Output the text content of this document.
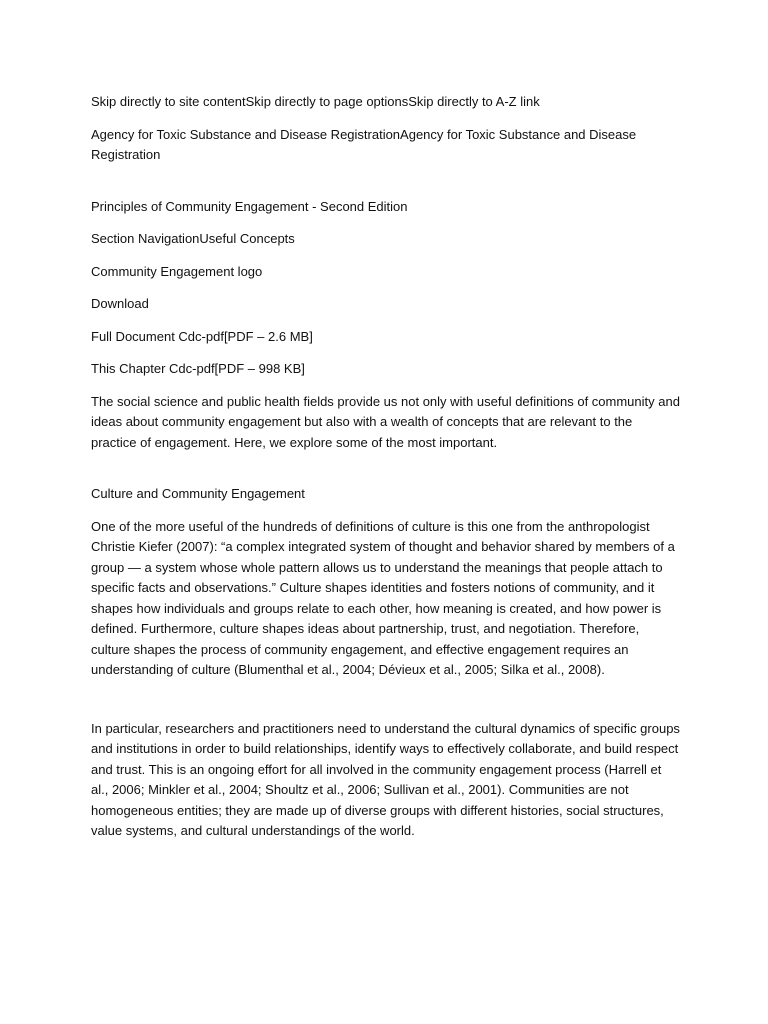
Skip directly to site contentSkip directly to page optionsSkip directly to A-Z link

Agency for Toxic Substance and Disease RegistrationAgency for Toxic Substance and Disease Registration

Principles of Community Engagement - Second Edition

Section NavigationUseful Concepts

Community Engagement logo

Download

Full Document Cdc-pdf[PDF – 2.6 MB]

This Chapter Cdc-pdf[PDF – 998 KB]

The social science and public health fields provide us not only with useful definitions of community and ideas about community engagement but also with a wealth of concepts that are relevant to the practice of engagement. Here, we explore some of the most important.

Culture and Community Engagement

One of the more useful of the hundreds of definitions of culture is this one from the anthropologist Christie Kiefer (2007): “a complex integrated system of thought and behavior shared by members of a group — a system whose whole pattern allows us to understand the meanings that people attach to specific facts and observations.” Culture shapes identities and fosters notions of community, and it shapes how individuals and groups relate to each other, how meaning is created, and how power is defined. Furthermore, culture shapes ideas about partnership, trust, and negotiation. Therefore, culture shapes the process of community engagement, and effective engagement requires an understanding of culture (Blumenthal et al., 2004; Dévieux et al., 2005; Silka et al., 2008).

In particular, researchers and practitioners need to understand the cultural dynamics of specific groups and institutions in order to build relationships, identify ways to effectively collaborate, and build respect and trust. This is an ongoing effort for all involved in the community engagement process (Harrell et al., 2006; Minkler et al., 2004; Shoultz et al., 2006; Sullivan et al., 2001). Communities are not homogeneous entities; they are made up of diverse groups with different histories, social structures, value systems, and cultural understandings of the world.
